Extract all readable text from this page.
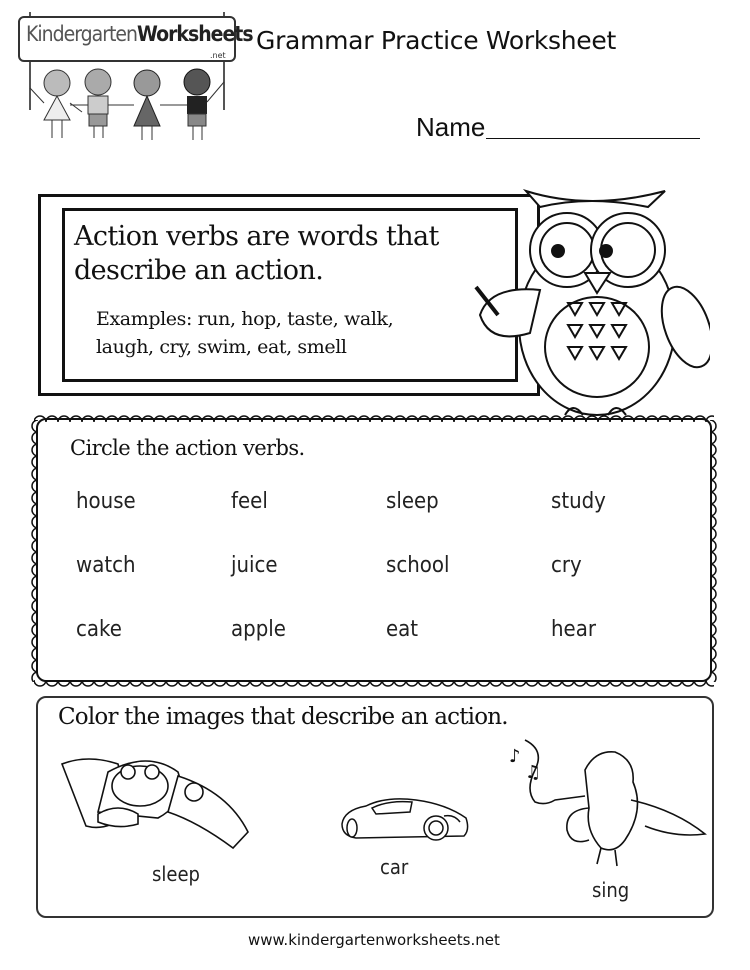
KindergartenWorksheets
.net
Grammar Practice Worksheet
Name
Action verbs are words that describe an action.
Examples: run, hop, taste, walk, laugh, cry, swim, eat, smell
Circle the action verbs.
house	feel	sleep	study
watch	juice	school	cry
cake	apple	eat	hear
Color the images that describe an action.
sleep	car
♪
♫
sing
www.kindergartenworksheets.net
